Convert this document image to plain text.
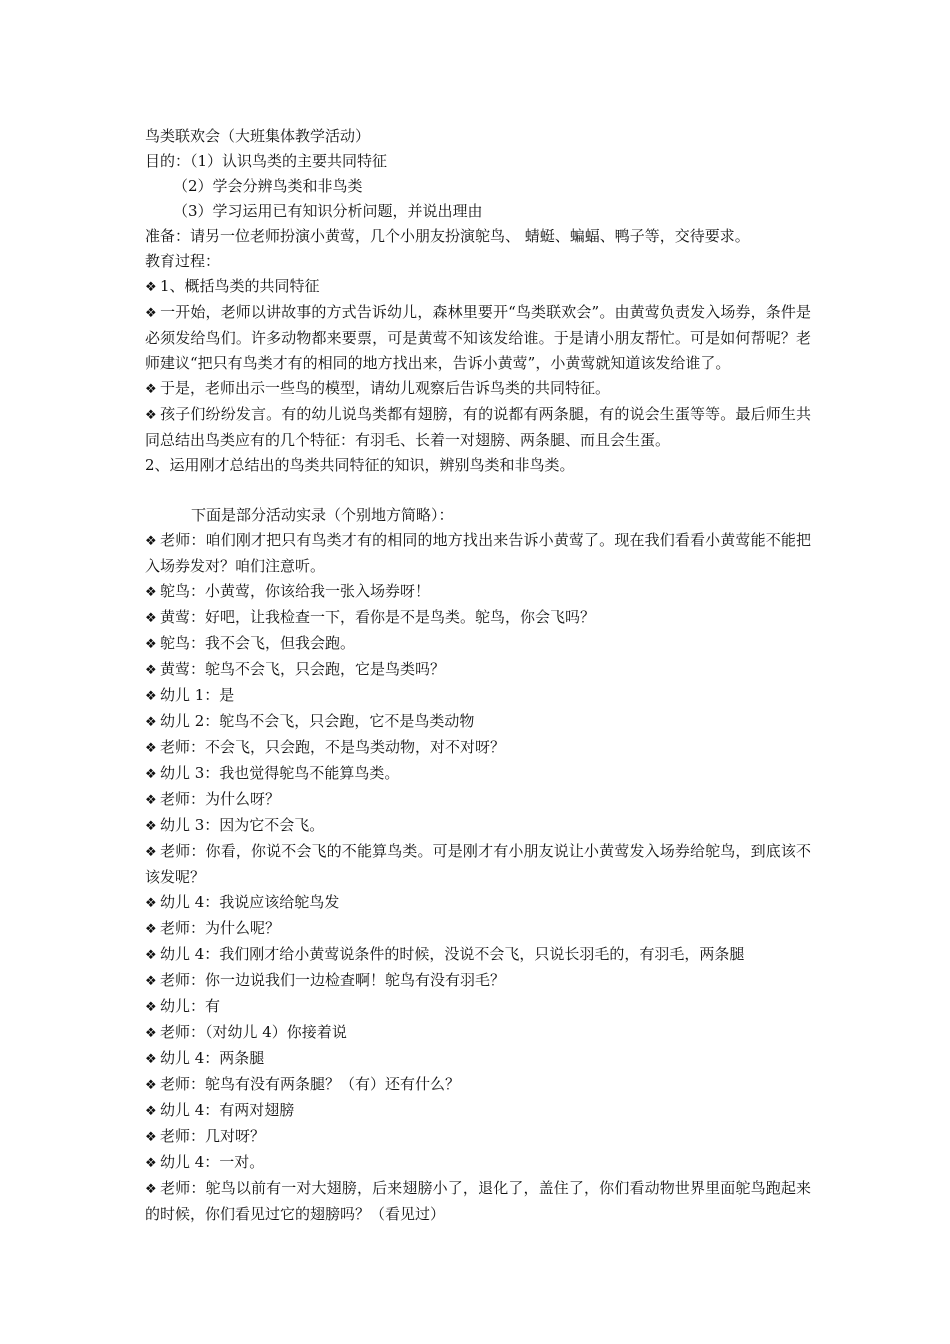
鸟类联欢会（大班集体教学活动）
目的：（1）认识鸟类的主要共同特征
（2）学会分辨鸟类和非鸟类
（3）学习运用已有知识分析问题，并说出理由
准备：请另一位老师扮演小黄莺，几个小朋友扮演鸵鸟、 蜻蜓、蝙蝠、鸭子等，交待要求。
教育过程：
❖ 1、概括鸟类的共同特征
❖ 一开始，老师以讲故事的方式告诉幼儿，森林里要开“鸟类联欢会”。由黄莺负责发入场券，条件是必须发给鸟们。许多动物都来要票，可是黄莺不知该发给谁。于是请小朋友帮忙。可是如何帮呢？老师建议“把只有鸟类才有的相同的地方找出来，告诉小黄莺”，小黄莺就知道该发给谁了。
❖ 于是，老师出示一些鸟的模型，请幼儿观察后告诉鸟类的共同特征。
❖ 孩子们纷纷发言。有的幼儿说鸟类都有翅膀，有的说都有两条腿，有的说会生蛋等等。最后师生共同总结出鸟类应有的几个特征：有羽毛、长着一对翅膀、两条腿、而且会生蛋。
2、运用刚才总结出的鸟类共同特征的知识，辨别鸟类和非鸟类。
下面是部分活动实录（个别地方简略）：
❖ 老师：咱们刚才把只有鸟类才有的相同的地方找出来告诉小黄莺了。现在我们看看小黄莺能不能把入场券发对？咱们注意听。
❖ 鸵鸟：小黄莺，你该给我一张入场券呀！
❖ 黄莺：好吧，让我检查一下，看你是不是鸟类。鸵鸟，你会飞吗？
❖ 鸵鸟：我不会飞，但我会跑。
❖ 黄莺：鸵鸟不会飞，只会跑，它是鸟类吗？
❖ 幼儿 1：是
❖ 幼儿 2：鸵鸟不会飞，只会跑，它不是鸟类动物
❖ 老师：不会飞，只会跑，不是鸟类动物，对不对呀？
❖ 幼儿 3：我也觉得鸵鸟不能算鸟类。
❖ 老师：为什么呀？
❖ 幼儿 3：因为它不会飞。
❖ 老师：你看，你说不会飞的不能算鸟类。可是刚才有小朋友说让小黄莺发入场券给鸵鸟，到底该不该发呢？
❖ 幼儿 4：我说应该给鸵鸟发
❖ 老师：为什么呢？
❖ 幼儿 4：我们刚才给小黄莺说条件的时候，没说不会飞，只说长羽毛的，有羽毛，两条腿
❖ 老师：你一边说我们一边检查啊！鸵鸟有没有羽毛？
❖ 幼儿：有
❖ 老师：（对幼儿 4）你接着说
❖ 幼儿 4：两条腿
❖ 老师：鸵鸟有没有两条腿？（有）还有什么？
❖ 幼儿 4：有两对翅膀
❖ 老师：几对呀？
❖ 幼儿 4：一对。
❖ 老师：鸵鸟以前有一对大翅膀，后来翅膀小了，退化了，盖住了，你们看动物世界里面鸵鸟跑起来的时候，你们看见过它的翅膀吗？（看见过）
